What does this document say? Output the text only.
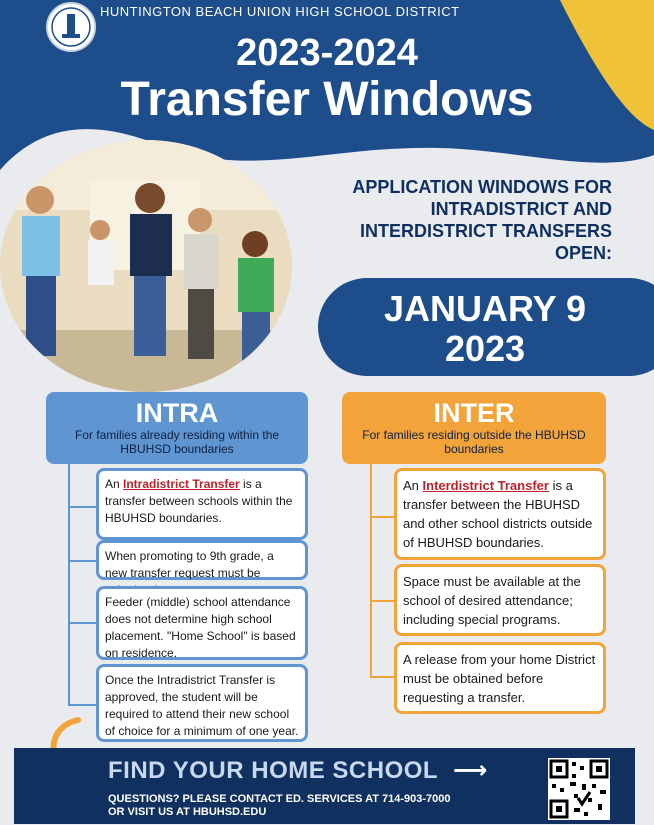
HUNTINGTON BEACH UNION HIGH SCHOOL DISTRICT
2023-2024
Transfer Windows
APPLICATION WINDOWS FOR
INTRADISTRICT AND
INTERDISTRICT TRANSFERS
OPEN:
JANUARY 9
2023
INTRA
For families already residing within the HBUHSD boundaries
An Intradistrict Transfer is a transfer between schools within the HBUHSD boundaries.
When promoting to 9th grade, a new transfer request must be
Feeder (middle) school attendance does not determine high school placement. "Home School" is based on residence.
Once the Intradistrict Transfer is approved, the student will be required to attend their new school of choice for a minimum of one year.
INTER
For families residing outside the HBUHSD boundaries
An Interdistrict Transfer is a transfer between the HBUHSD and other school districts outside of HBUHSD boundaries.
Space must be available at the school of desired attendance; including special programs.
A release from your home District must be obtained before requesting a transfer.
FIND YOUR HOME SCHOOL ⟶
QUESTIONS? PLEASE CONTACT ED. SERVICES AT 714-903-7000
OR VISIT US AT HBUHSD.EDU
